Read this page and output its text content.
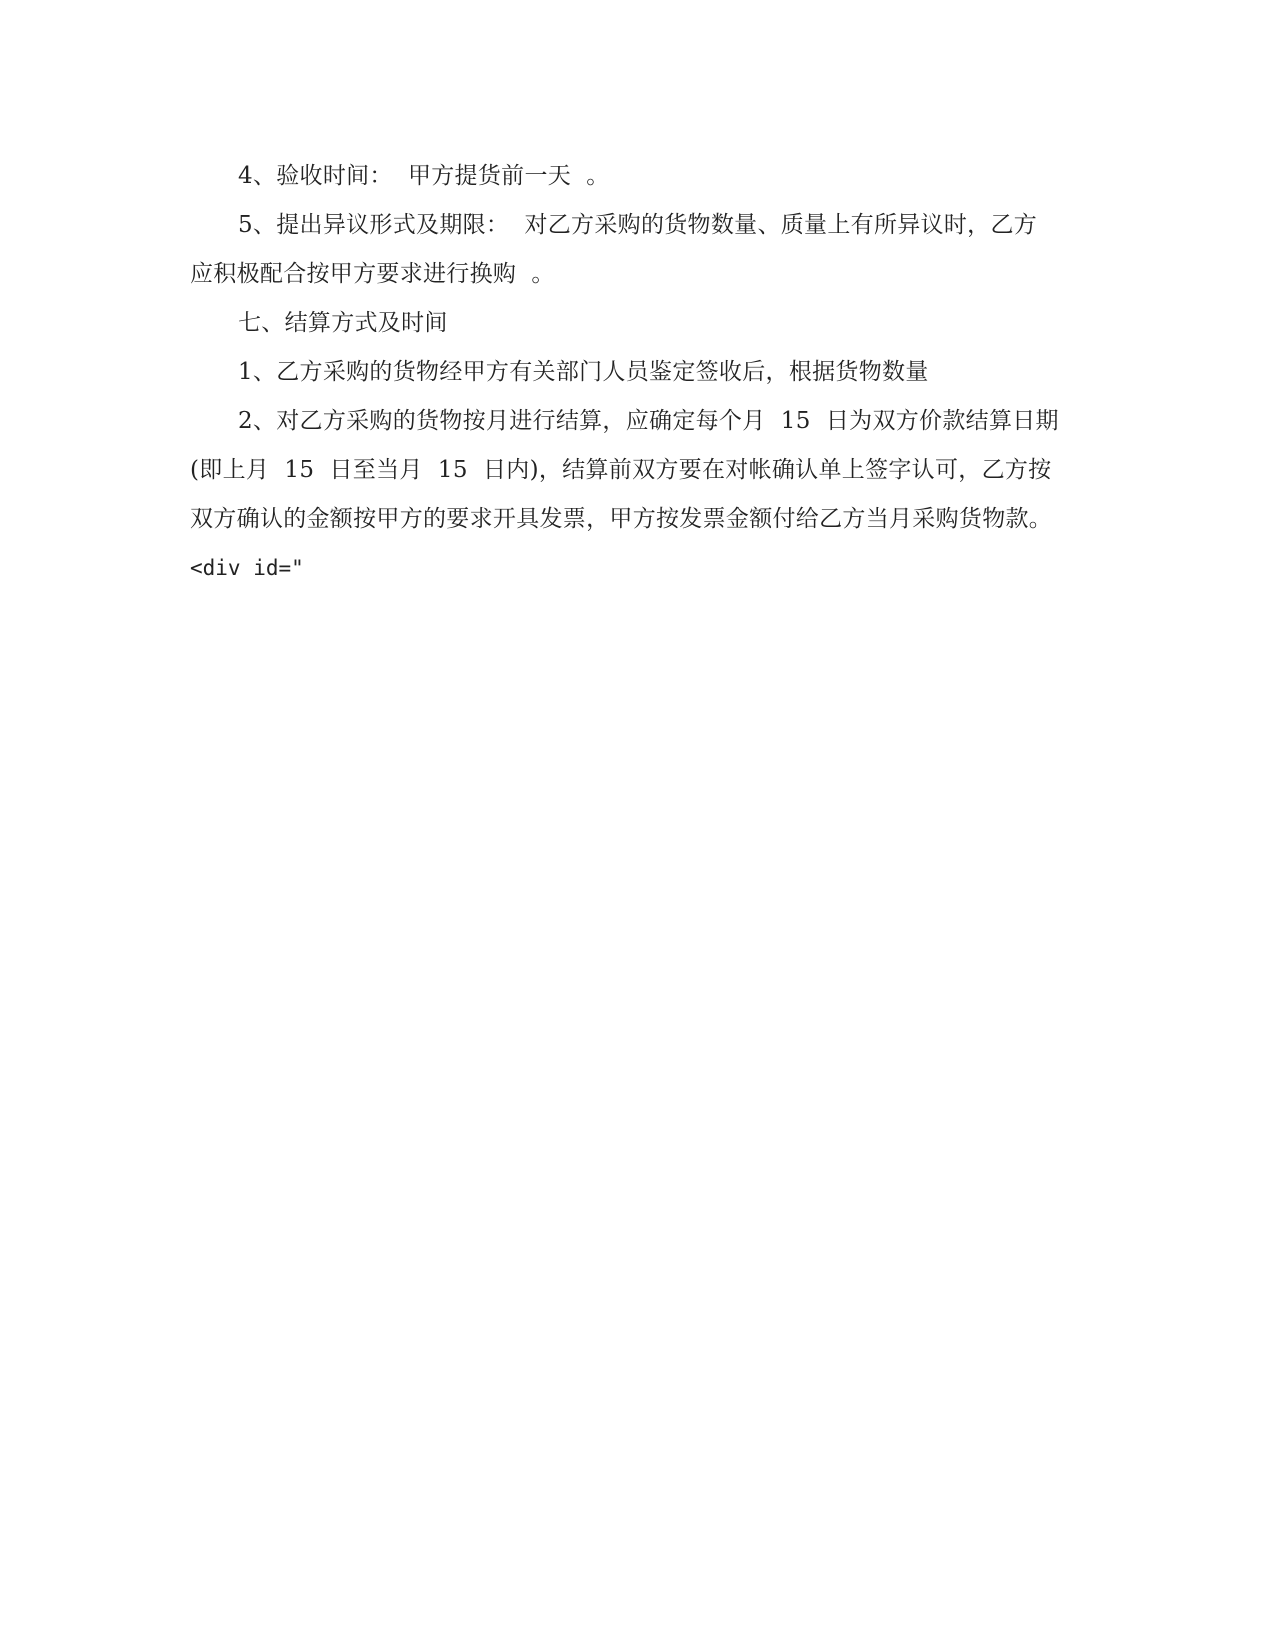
4、验收时间：  甲方提货前一天  。

5、提出异议形式及期限：  对乙方采购的货物数量、质量上有所异议时，乙方应积极配合按甲方要求进行换购  。

七、结算方式及时间

1、乙方采购的货物经甲方有关部门人员鉴定签收后，根据货物数量

2、对乙方采购的货物按月进行结算，应确定每个月  15  日为双方价款结算日期(即上月  15  日至当月  15  日内)，结算前双方要在对帐确认单上签字认可，乙方按双方确认的金额按甲方的要求开具发票，甲方按发票金额付给乙方当月采购货物款。

<div id="
